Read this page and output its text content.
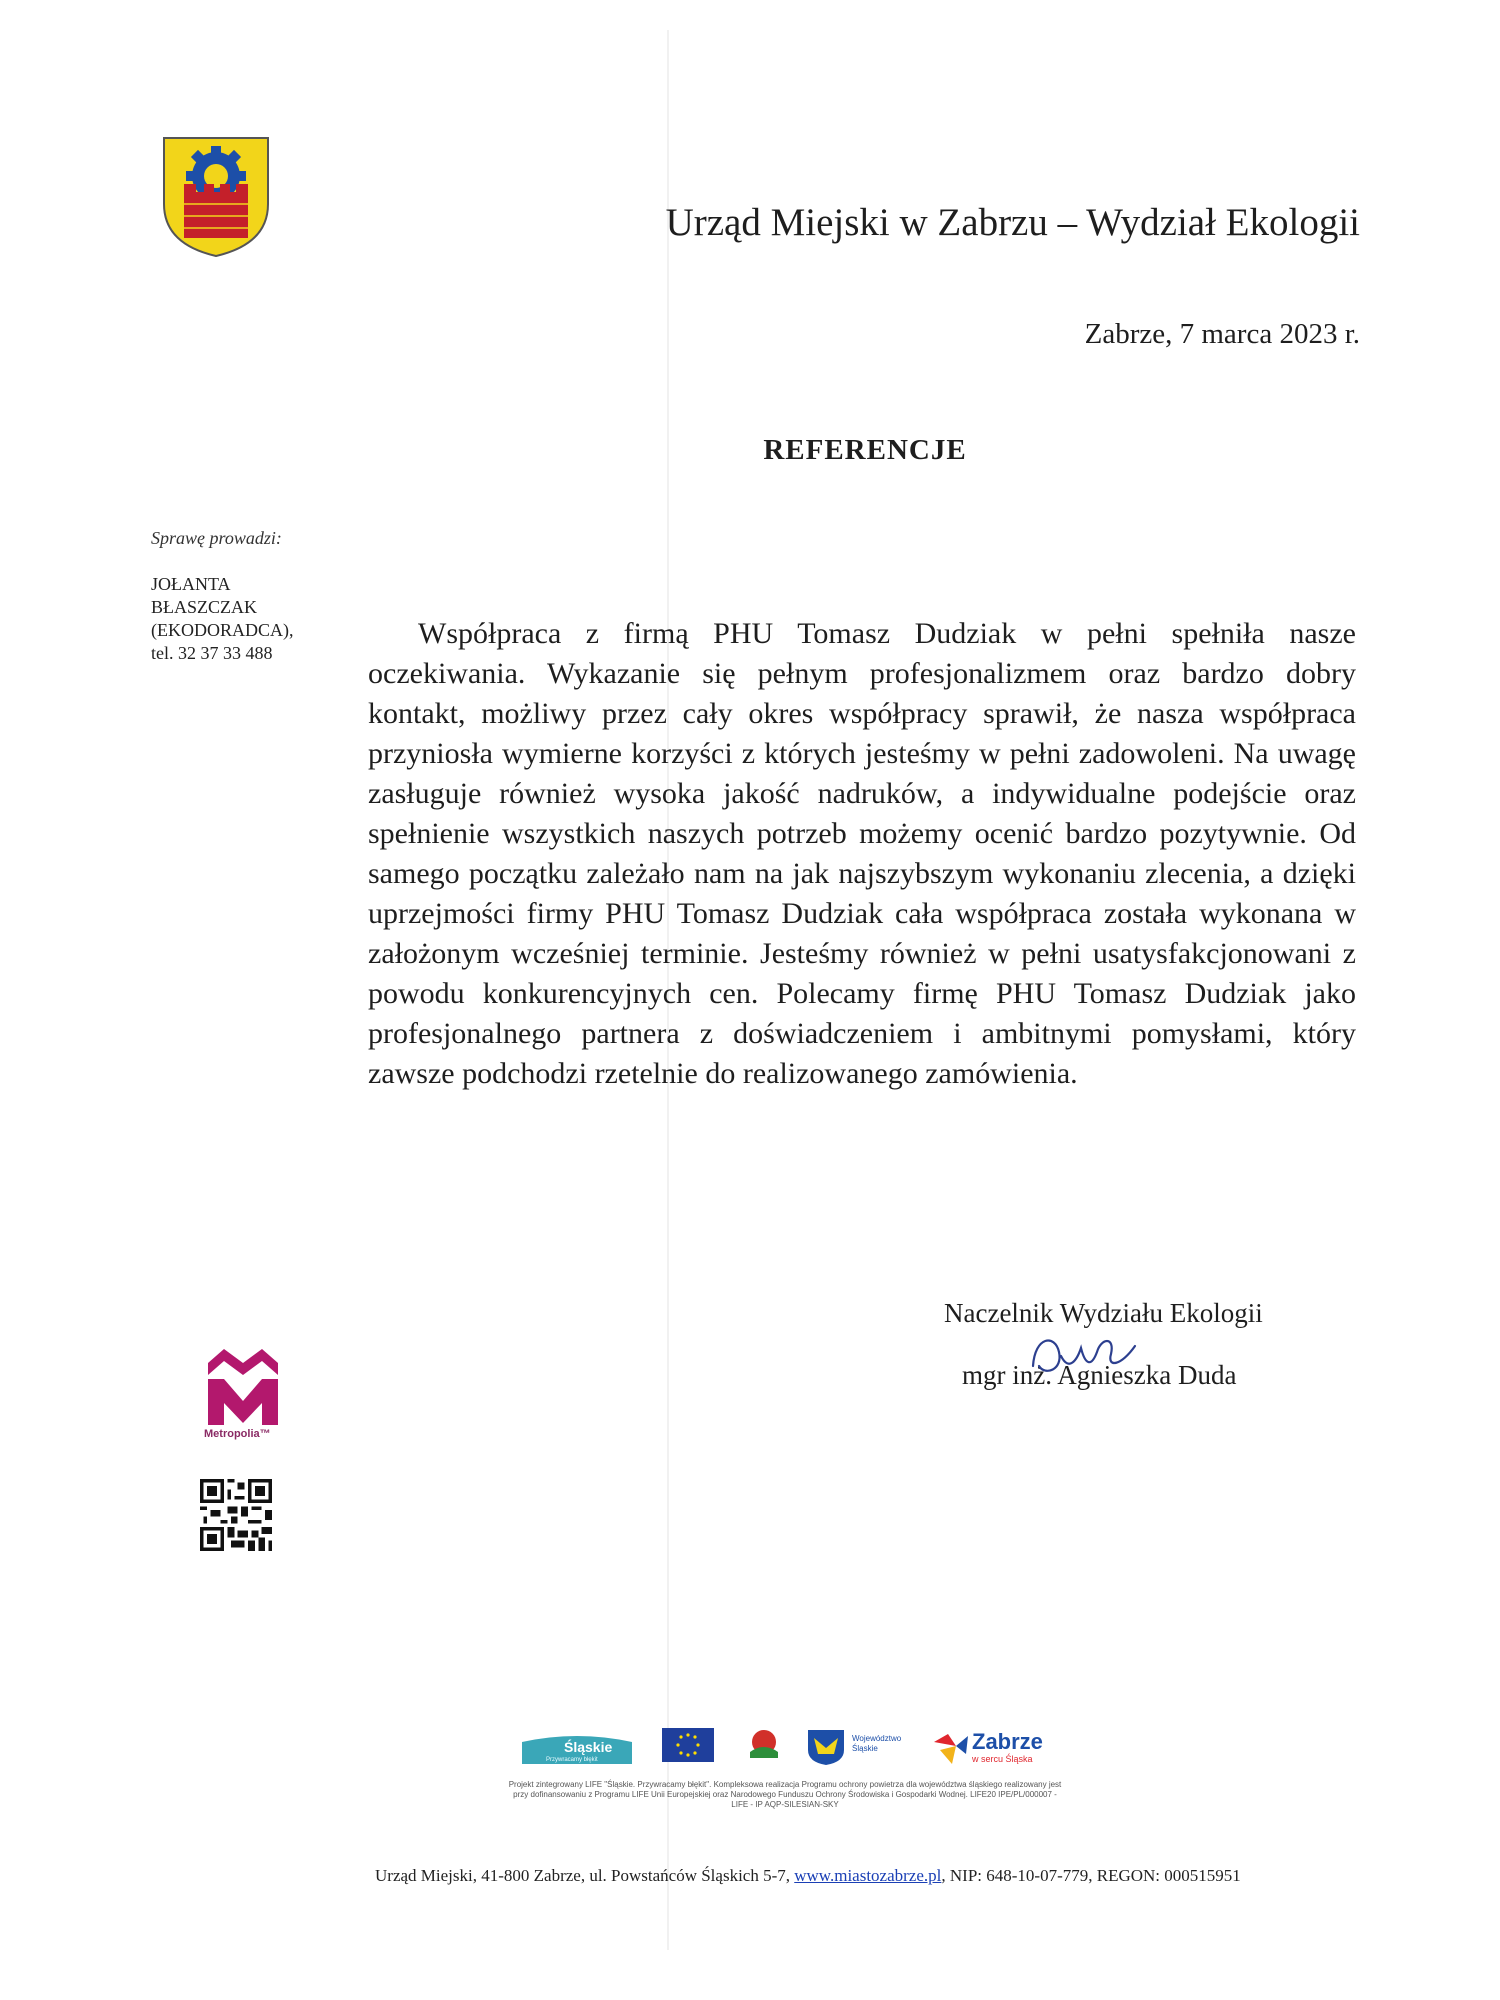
Urząd Miejski w Zabrzu – Wydział Ekologii
Zabrze, 7 marca 2023 r.
REFERENCJE
Sprawę prowadzi:
JOŁANTA
BŁASZCZAK
(EKODORADCA),
tel. 32 37 33 488

Współpraca z firmą PHU Tomasz Dudziak w pełni spełniła nasze oczekiwania. Wykazanie się pełnym profesjonalizmem oraz bardzo dobry kontakt, możliwy przez cały okres współpracy sprawił, że nasza współpraca przyniosła wymierne korzyści z których jesteśmy w pełni zadowoleni. Na uwagę zasługuje również wysoka jakość nadruków, a indywidualne podejście oraz spełnienie wszystkich naszych potrzeb możemy ocenić bardzo pozytywnie. Od samego początku zależało nam na jak najszybszym wykonaniu zlecenia, a dzięki uprzejmości firmy PHU Tomasz Dudziak cała współpraca została wykonana w założonym wcześniej terminie. Jesteśmy również w pełni usatysfakcjonowani z powodu konkurencyjnych cen. Polecamy firmę PHU Tomasz Dudziak jako profesjonalnego partnera z doświadczeniem i ambitnymi pomysłami, który zawsze podchodzi rzetelnie do realizowanego zamówienia.

Naczelnik Wydziału Ekologii
mgr inż. Agnieszka Duda
Metropolia™
Śląskie
Przywracamy błękit
Województwo
Śląskie	Zabrze
w sercu Śląska
Projekt zintegrowany LIFE "Śląskie. Przywracamy błękit". Kompleksowa realizacja Programu ochrony powietrza dla województwa śląskiego realizowany jest przy dofinansowaniu z Programu LIFE Unii Europejskiej oraz Narodowego Funduszu Ochrony Środowiska i Gospodarki Wodnej. LIFE20 IPE/PL/000007 - LIFE - IP AQP-SILESIAN-SKY
Urząd Miejski, 41-800 Zabrze, ul. Powstańców Śląskich 5-7, www.miastozabrze.pl, NIP: 648-10-07-779, REGON: 000515951
